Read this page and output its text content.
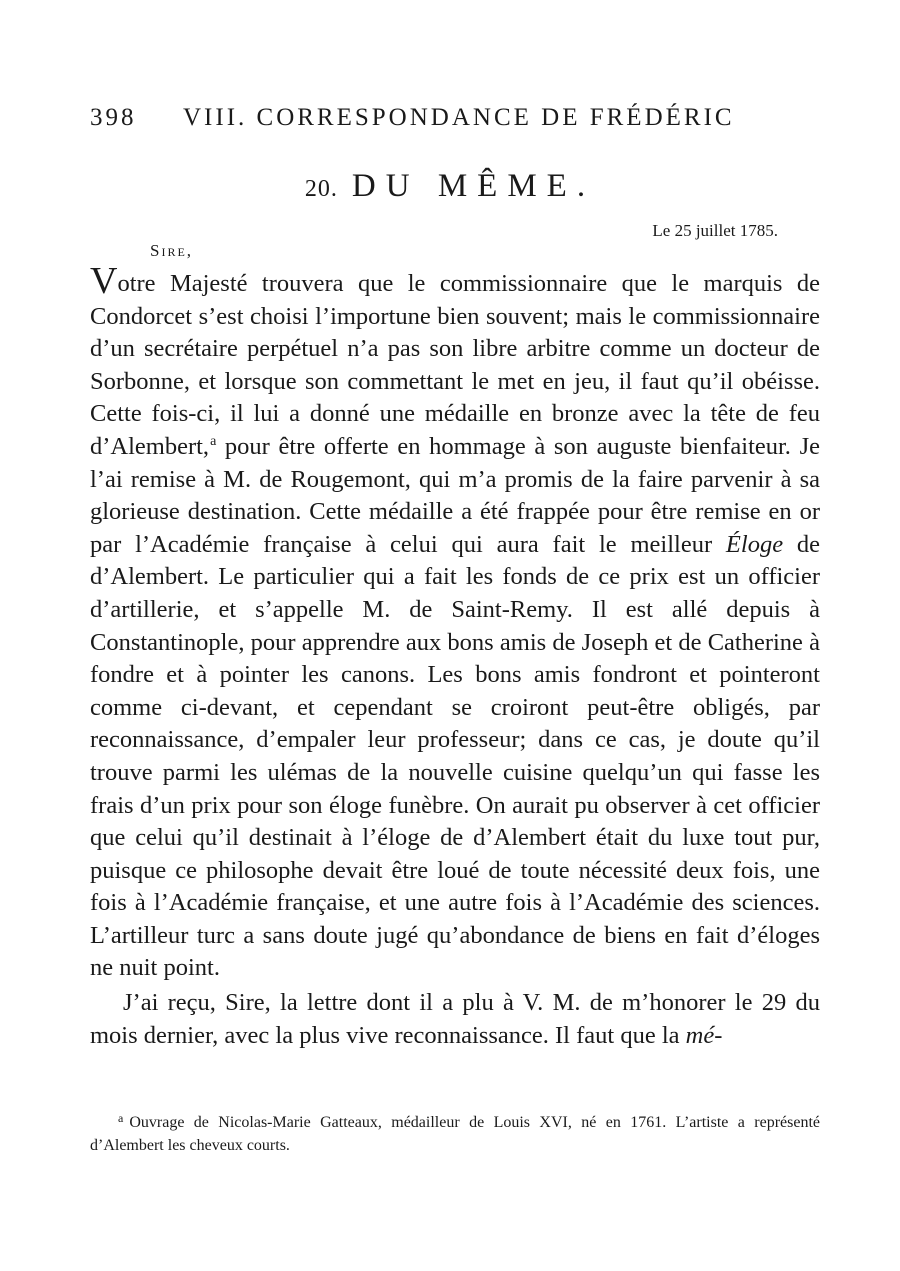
398 VIII. CORRESPONDANCE DE FRÉDÉRIC
20. DU MÊME.
Le 25 juillet 1785.
Sire,

Votre Majesté trouvera que le commissionnaire que le marquis de Condorcet s’est choisi l’importune bien souvent; mais le commissionnaire d’un secrétaire perpétuel n’a pas son libre arbitre comme un docteur de Sorbonne, et lorsque son commettant le met en jeu, il faut qu’il obéisse. Cette fois-ci, il lui a donné une médaille en bronze avec la tête de feu d’Alembert,$^a$ pour être offerte en hommage à son auguste bienfaiteur. Je l’ai remise à M. de Rougemont, qui m’a promis de la faire parvenir à sa glorieuse destination. Cette médaille a été frappée pour être remise en or par l’Académie française à celui qui aura fait le meilleur Éloge de d’Alembert. Le particulier qui a fait les fonds de ce prix est un officier d’artillerie, et s’appelle M. de Saint-Remy. Il est allé depuis à Constantinople, pour apprendre aux bons amis de Joseph et de Catherine à fondre et à pointer les canons. Les bons amis fondront et pointeront comme ci-devant, et cependant se croiront peut-être obligés, par reconnaissance, d’empaler leur professeur; dans ce cas, je doute qu’il trouve parmi les ulémas de la nouvelle cuisine quelqu’un qui fasse les frais d’un prix pour son éloge funèbre. On aurait pu observer à cet officier que celui qu’il destinait à l’éloge de d’Alembert était du luxe tout pur, puisque ce philosophe devait être loué de toute nécessité deux fois, une fois à l’Académie française, et une autre fois à l’Académie des sciences. L’artilleur turc a sans doute jugé qu’abondance de biens en fait d’éloges ne nuit point.

J’ai reçu, Sire, la lettre dont il a plu à V. M. de m’honorer le 29 du mois dernier, avec la plus vive reconnaissance. Il faut que la mé-

$^a$ Ouvrage de Nicolas-Marie Gatteaux, médailleur de Louis XVI, né en 1761. L’artiste a représenté d’Alembert les cheveux courts.
